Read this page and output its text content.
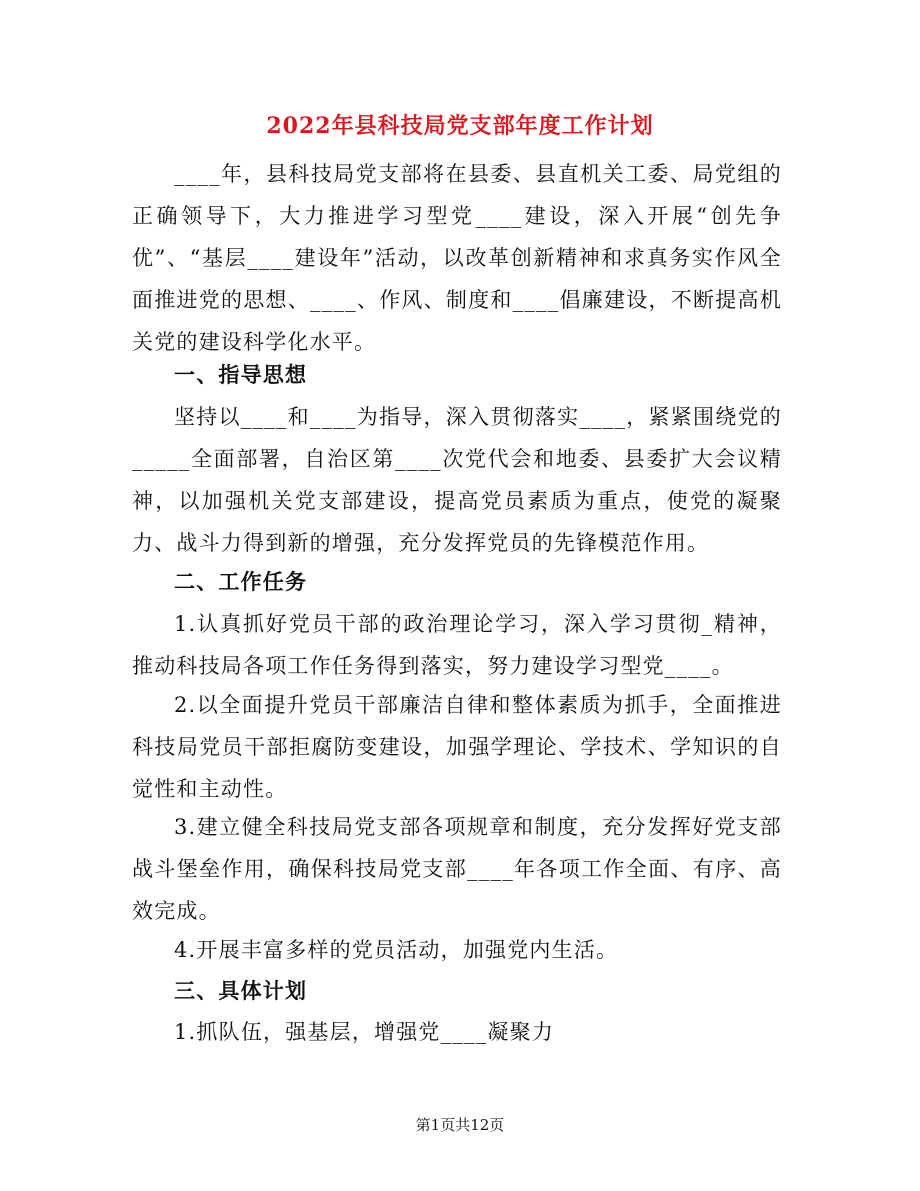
2022年县科技局党支部年度工作计划

____年，县科技局党支部将在县委、县直机关工委、局党组的正确领导下，大力推进学习型党____建设，深入开展“创先争优”、“基层____建设年”活动，以改革创新精神和求真务实作风全面推进党的思想、____、作风、制度和____倡廉建设，不断提高机关党的建设科学化水平。

一、指导思想

坚持以____和____为指导，深入贯彻落实____，紧紧围绕党的_____全面部署，自治区第____次党代会和地委、县委扩大会议精神，以加强机关党支部建设，提高党员素质为重点，使党的凝聚力、战斗力得到新的增强，充分发挥党员的先锋模范作用。

二、工作任务

1.认真抓好党员干部的政治理论学习，深入学习贯彻_精神，推动科技局各项工作任务得到落实，努力建设学习型党____。

2.以全面提升党员干部廉洁自律和整体素质为抓手，全面推进科技局党员干部拒腐防变建设，加强学理论、学技术、学知识的自觉性和主动性。

3.建立健全科技局党支部各项规章和制度，充分发挥好党支部战斗堡垒作用，确保科技局党支部____年各项工作全面、有序、高效完成。

4.开展丰富多样的党员活动，加强党内生活。

三、具体计划

1.抓队伍，强基层，增强党____凝聚力

第1页共12页
